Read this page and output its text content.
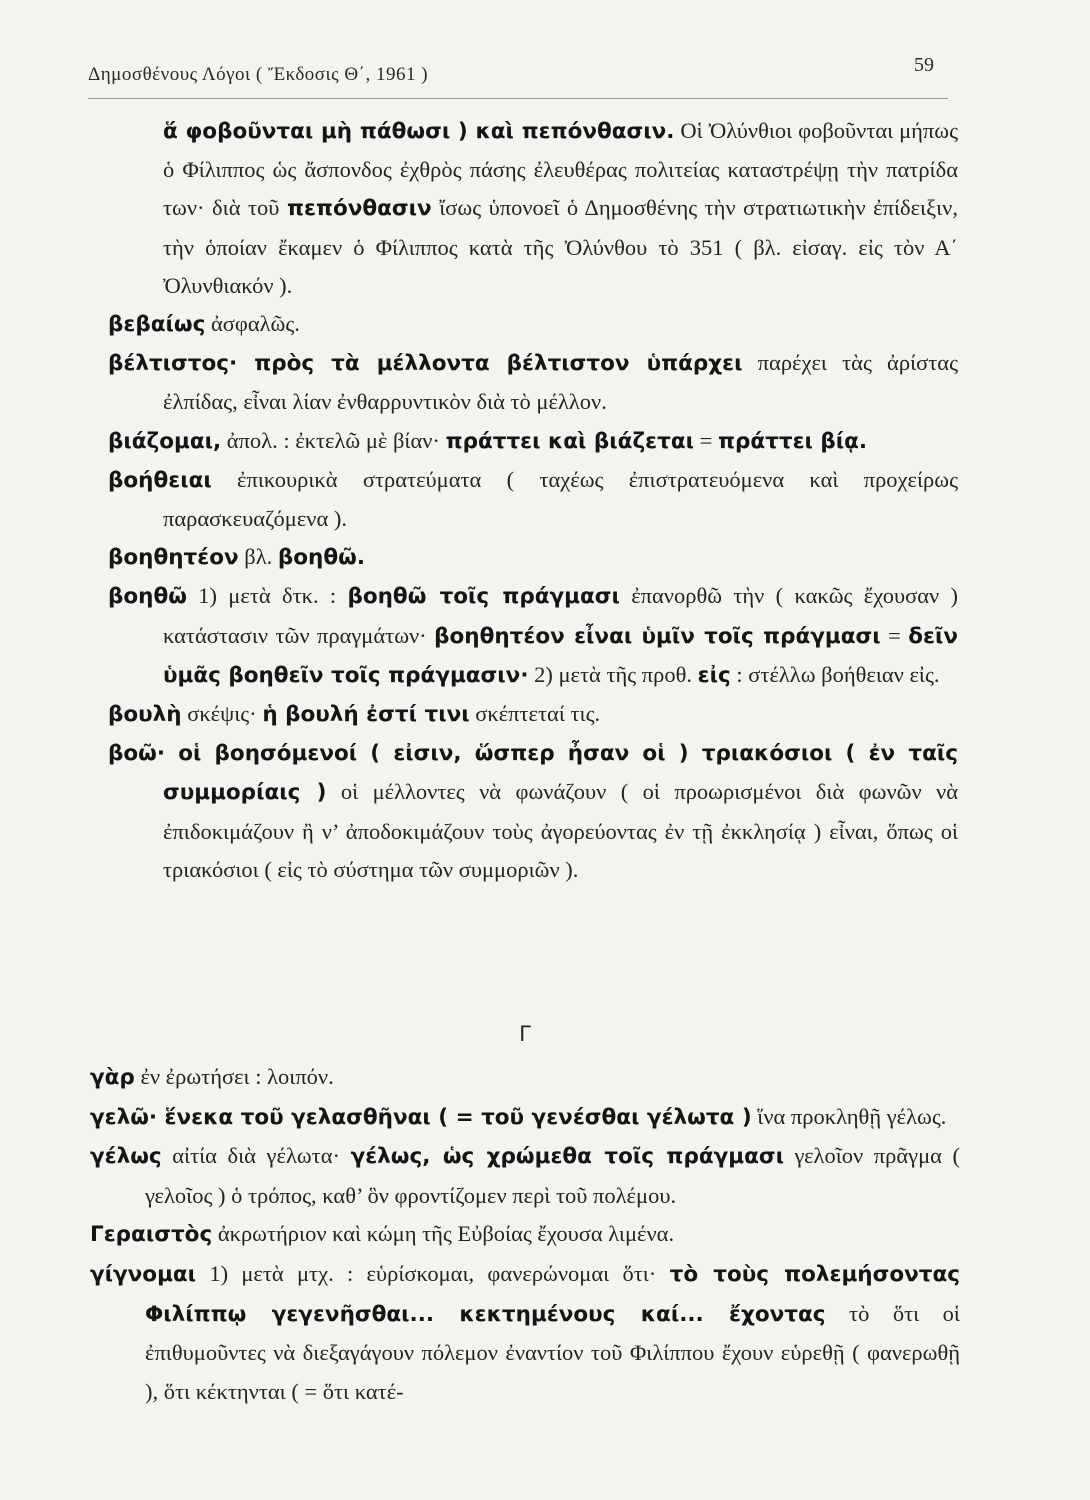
Δημοσθένους Λόγοι ( Ἔκδοσις Θ΄, 1961 )	59

ἅ φοβοῦνται μὴ πάθωσι ) καὶ πεπόνθασιν. Οἱ Ὀλύνθιοι φοβοῦνται μήπως ὁ Φίλιππος ὡς ἄσπονδος ἐχθρὸς πάσης ἐλευθέρας πολιτείας καταστρέψῃ τὴν πατρίδα των· διὰ τοῦ πεπόνθασιν ἴσως ὑπονοεῖ ὁ Δημοσθένης τὴν στρατιωτικὴν ἐπίδειξιν, τὴν ὁποίαν ἔκαμεν ὁ Φίλιππος κατὰ τῆς Ὀλύνθου τὸ 351 ( βλ. εἰσαγ. εἰς τὸν Α΄ Ὀλυνθιακόν ).

βεβαίως ἀσφαλῶς.

βέλτιστος· πρὸς τὰ μέλλοντα βέλτιστον ὑπάρχει παρέχει τὰς ἀρίστας ἐλπίδας, εἶναι λίαν ἐνθαρρυντικὸν διὰ τὸ μέλλον.

βιάζομαι, ἀπολ. : ἐκτελῶ μὲ βίαν· πράττει καὶ βιάζεται = πράττει βίᾳ.

βοήθειαι ἐπικουρικὰ στρατεύματα ( ταχέως ἐπιστρατευόμενα καὶ προχείρως παρασκευαζόμενα ).

βοηθητέον βλ. βοηθῶ.

βοηθῶ 1) μετὰ δτκ. : βοηθῶ τοῖς πράγμασι ἐπανορθῶ τὴν ( κακῶς ἔχουσαν ) κατάστασιν τῶν πραγμάτων· βοηθητέον εἶναι ὑμῖν τοῖς πράγμασι = δεῖν ὑμᾶς βοηθεῖν τοῖς πράγμασιν· 2) μετὰ τῆς προθ. εἰς : στέλλω βοήθειαν εἰς.

βουλὴ σκέψις· ἡ βουλή ἐστί τινι σκέπτεταί τις.

βοῶ· οἱ βοησόμενοί ( εἰσιν, ὥσπερ ἦσαν οἱ ) τριακόσιοι ( ἐν ταῖς συμμορίαις ) οἱ μέλλοντες νὰ φωνάζουν ( οἱ προωρισμένοι διὰ φωνῶν νὰ ἐπιδοκιμάζουν ἢ ν’ ἀποδοκιμάζουν τοὺς ἀγορεύοντας ἐν τῇ ἐκκλησίᾳ ) εἶναι, ὅπως οἱ τριακόσιοι ( εἰς τὸ σύστημα τῶν συμμοριῶν ).

Γ

γὰρ ἐν ἐρωτήσει : λοιπόν.

γελῶ· ἕνεκα τοῦ γελασθῆναι ( = τοῦ γενέσθαι γέλωτα ) ἵνα προκληθῇ γέλως.

γέλως αἰτία διὰ γέλωτα· γέλως, ὡς χρώμεθα τοῖς πράγμασι γελοῖον πρᾶγμα ( γελοῖος ) ὁ τρόπος, καθ’ ὃν φροντίζομεν περὶ τοῦ πολέμου.

Γεραιστὸς ἀκρωτήριον καὶ κώμη τῆς Εὐβοίας ἔχουσα λιμένα.

γίγνομαι 1) μετὰ μτχ. : εὑρίσκομαι, φανερώνομαι ὅτι· τὸ τοὺς πολεμήσοντας Φιλίππῳ γεγενῆσθαι... κεκτημένους καί... ἔχοντας τὸ ὅτι οἱ ἐπιθυμοῦντες νὰ διεξαγάγουν πόλεμον ἐναντίον τοῦ Φιλίππου ἔχουν εὑρεθῇ ( φανερωθῇ ), ὅτι κέκτηνται ( = ὅτι κατέ-
